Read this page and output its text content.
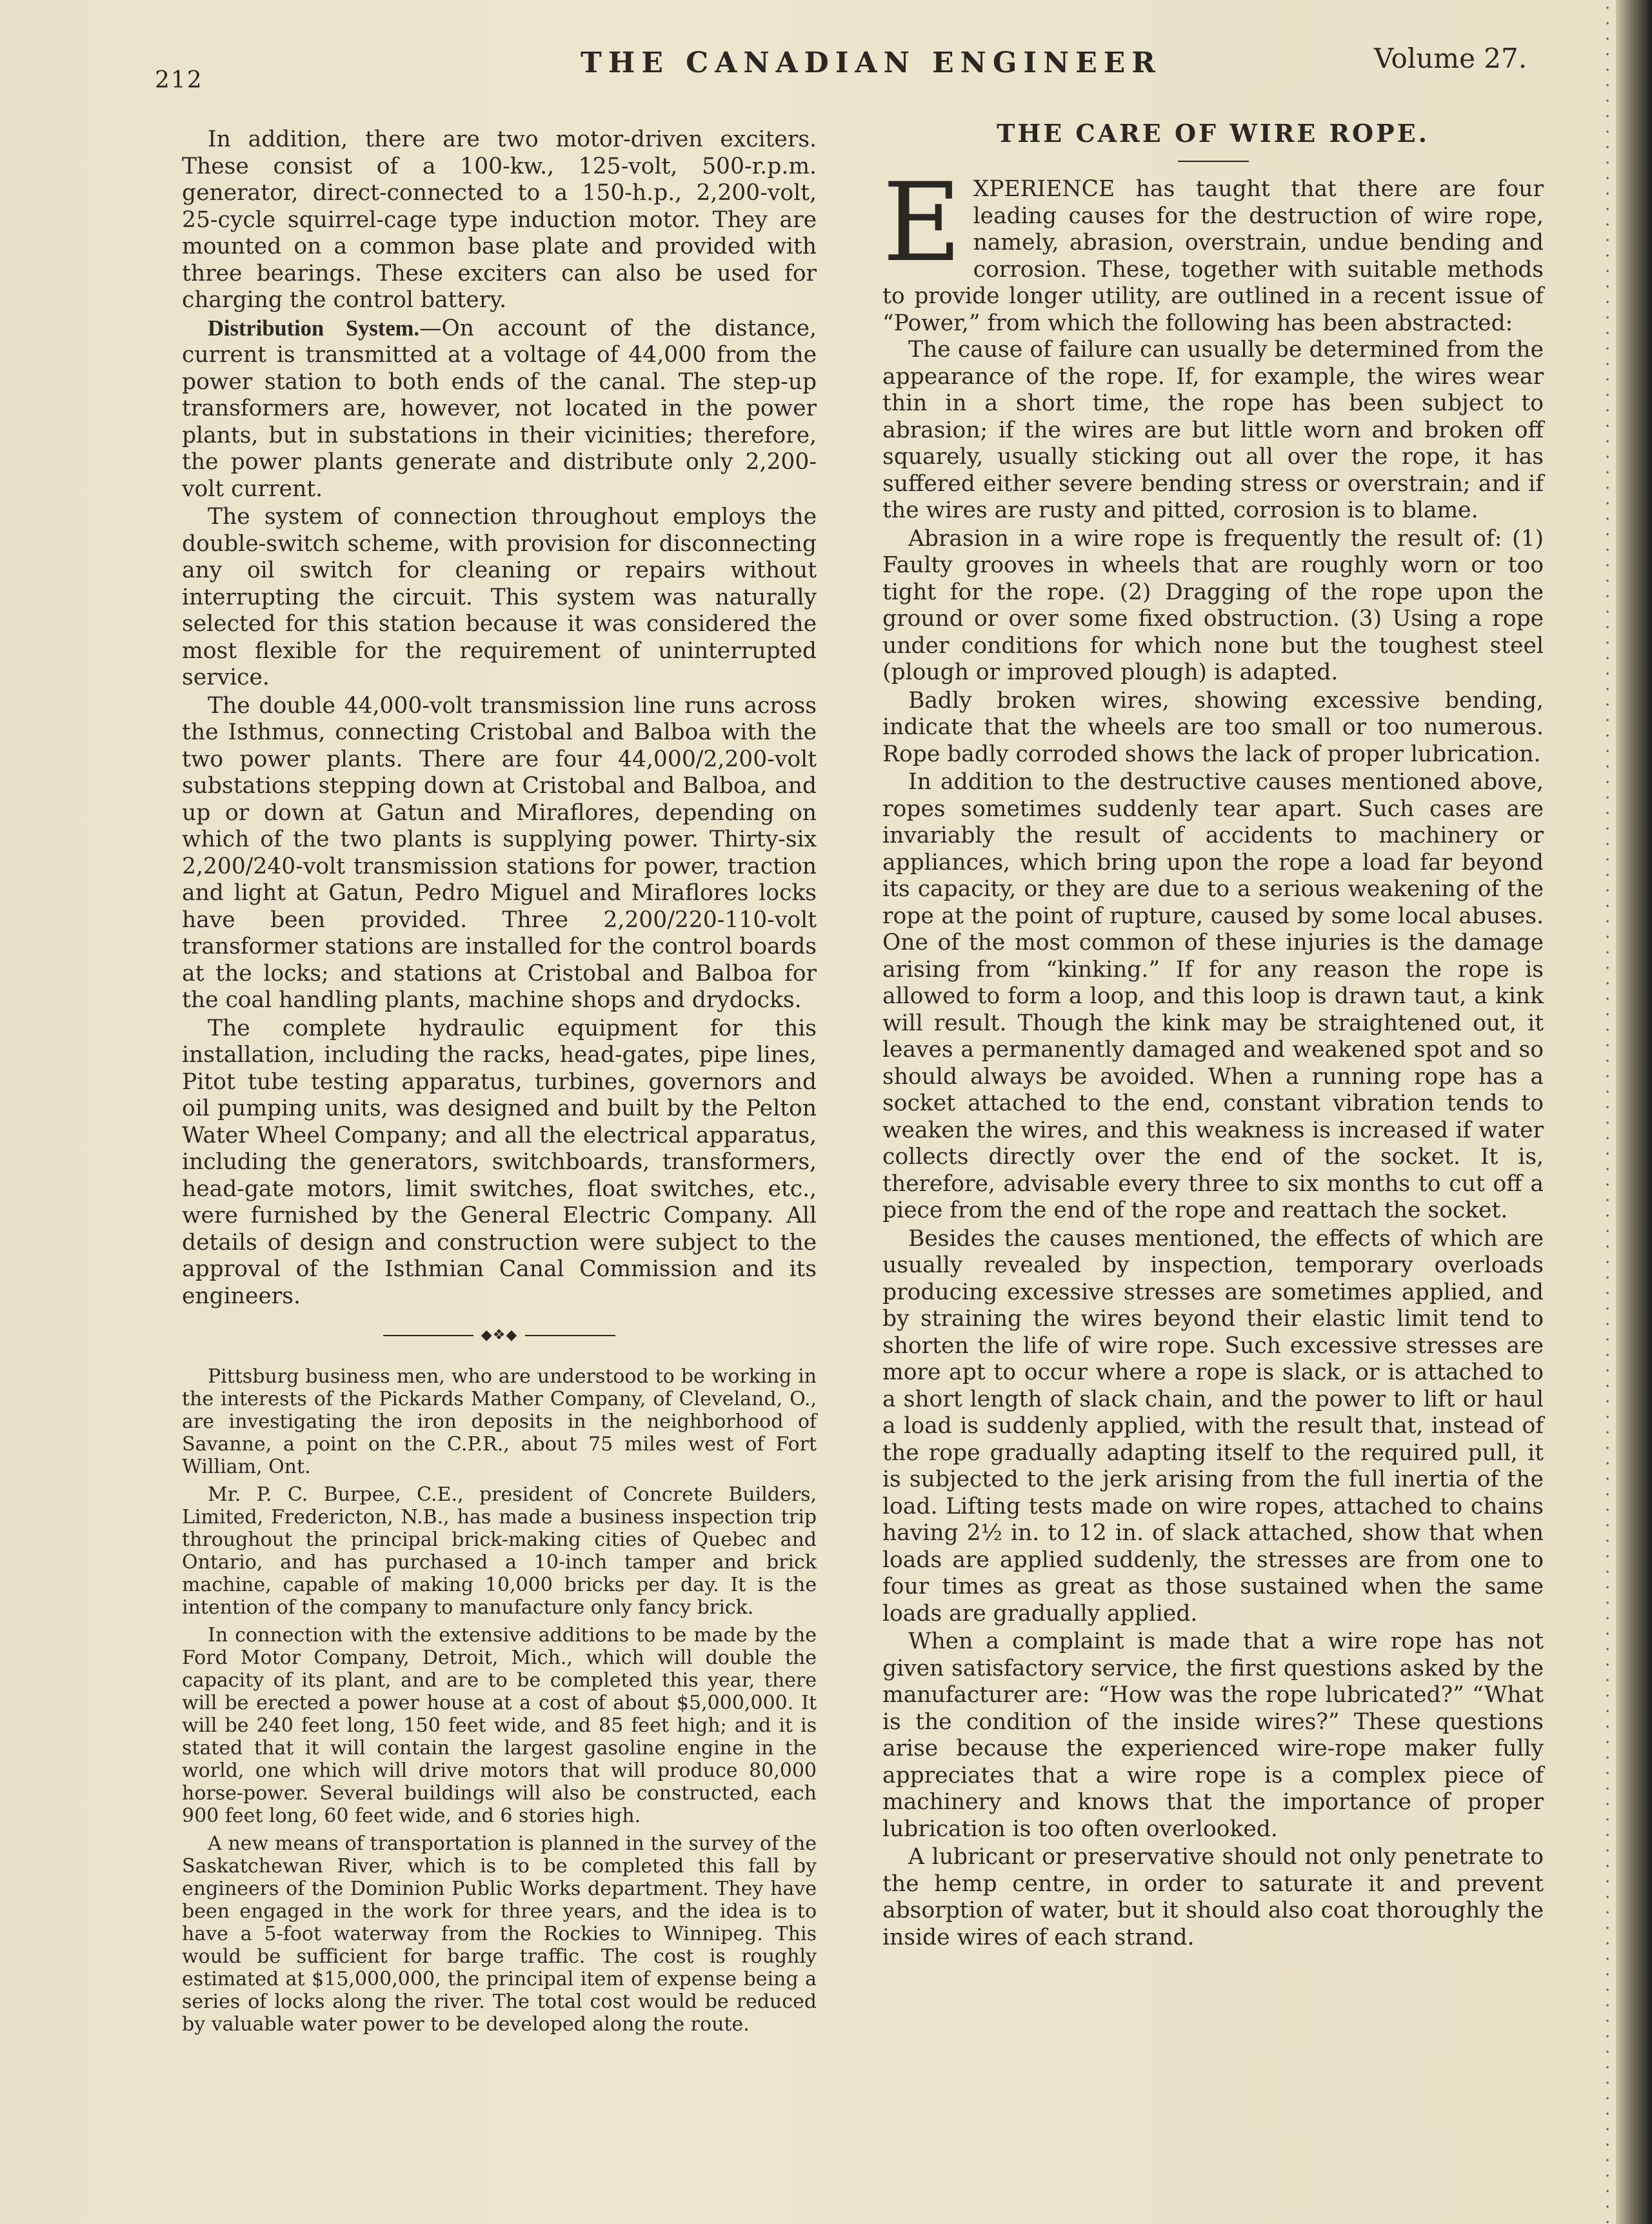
212
THE CANADIAN ENGINEER	Volume 27.

In addition, there are two motor-driven exciters. These consist of a 100-kw., 125-volt, 500-r.p.m. generator, direct-connected to a 150-h.p., 2,200-volt, 25-cycle squirrel-cage type induction motor. They are mounted on a common base plate and provided with three bearings. These exciters can also be used for charging the control battery.

Distribution System.—On account of the distance, current is transmitted at a voltage of 44,000 from the power station to both ends of the canal. The step-up transformers are, however, not located in the power plants, but in substations in their vicinities; therefore, the power plants generate and distribute only 2,200-volt current.

The system of connection throughout employs the double-switch scheme, with provision for disconnecting any oil switch for cleaning or repairs without interrupting the circuit. This system was naturally selected for this station because it was considered the most flexible for the requirement of uninterrupted service.

The double 44,000-volt transmission line runs across the Isthmus, connecting Cristobal and Balboa with the two power plants. There are four 44,000/2,200-volt substations stepping down at Cristobal and Balboa, and up or down at Gatun and Miraflores, depending on which of the two plants is supplying power. Thirty-six 2,200/240-volt transmission stations for power, traction and light at Gatun, Pedro Miguel and Miraflores locks have been provided. Three 2,200/220-110-volt transformer stations are installed for the control boards at the locks; and stations at Cristobal and Balboa for the coal handling plants, machine shops and drydocks.

The complete hydraulic equipment for this installation, including the racks, head-gates, pipe lines, Pitot tube testing apparatus, turbines, governors and oil pumping units, was designed and built by the Pelton Water Wheel Company; and all the electrical apparatus, including the generators, switchboards, transformers, head-gate motors, limit switches, float switches, etc., were furnished by the General Electric Company. All details of design and construction were subject to the approval of the Isthmian Canal Commission and its engineers.

◆❖◆

Pittsburg business men, who are understood to be working in the interests of the Pickards Mather Company, of Cleveland, O., are investigating the iron deposits in the neighborhood of Savanne, a point on the C.P.R., about 75 miles west of Fort William, Ont.

Mr. P. C. Burpee, C.E., president of Concrete Builders, Limited, Fredericton, N.B., has made a business inspection trip throughout the principal brick-making cities of Quebec and Ontario, and has purchased a 10-inch tamper and brick machine, capable of making 10,000 bricks per day. It is the intention of the company to manufacture only fancy brick.

In connection with the extensive additions to be made by the Ford Motor Company, Detroit, Mich., which will double the capacity of its plant, and are to be completed this year, there will be erected a power house at a cost of about $5,000,000. It will be 240 feet long, 150 feet wide, and 85 feet high; and it is stated that it will contain the largest gasoline engine in the world, one which will drive motors that will produce 80,000 horse-power. Several buildings will also be constructed, each 900 feet long, 60 feet wide, and 6 stories high.

A new means of transportation is planned in the survey of the Saskatchewan River, which is to be completed this fall by engineers of the Dominion Public Works department. They have been engaged in the work for three years, and the idea is to have a 5-foot waterway from the Rockies to Winnipeg. This would be sufficient for barge traffic. The cost is roughly estimated at $15,000,000, the principal item of expense being a series of locks along the river. The total cost would be reduced by valuable water power to be developed along the route.

THE CARE OF WIRE ROPE.

EXPERIENCE has taught that there are four leading causes for the destruction of wire rope, namely, abrasion, overstrain, undue bending and corrosion. These, together with suitable methods to provide longer utility, are outlined in a recent issue of “Power,” from which the following has been abstracted:

The cause of failure can usually be determined from the appearance of the rope. If, for example, the wires wear thin in a short time, the rope has been subject to abrasion; if the wires are but little worn and broken off squarely, usually sticking out all over the rope, it has suffered either severe bending stress or overstrain; and if the wires are rusty and pitted, corrosion is to blame.

Abrasion in a wire rope is frequently the result of: (1) Faulty grooves in wheels that are roughly worn or too tight for the rope. (2) Dragging of the rope upon the ground or over some fixed obstruction. (3) Using a rope under conditions for which none but the toughest steel (plough or improved plough) is adapted.

Badly broken wires, showing excessive bending, indicate that the wheels are too small or too numerous. Rope badly corroded shows the lack of proper lubrication.

In addition to the destructive causes mentioned above, ropes sometimes suddenly tear apart. Such cases are invariably the result of accidents to machinery or appliances, which bring upon the rope a load far beyond its capacity, or they are due to a serious weakening of the rope at the point of rupture, caused by some local abuses. One of the most common of these injuries is the damage arising from “kinking.” If for any reason the rope is allowed to form a loop, and this loop is drawn taut, a kink will result. Though the kink may be straightened out, it leaves a permanently damaged and weakened spot and so should always be avoided. When a running rope has a socket attached to the end, constant vibration tends to weaken the wires, and this weakness is increased if water collects directly over the end of the socket. It is, therefore, advisable every three to six months to cut off a piece from the end of the rope and reattach the socket.

Besides the causes mentioned, the effects of which are usually revealed by inspection, temporary overloads producing excessive stresses are sometimes applied, and by straining the wires beyond their elastic limit tend to shorten the life of wire rope. Such excessive stresses are more apt to occur where a rope is slack, or is attached to a short length of slack chain, and the power to lift or haul a load is suddenly applied, with the result that, instead of the rope gradually adapting itself to the required pull, it is subjected to the jerk arising from the full inertia of the load. Lifting tests made on wire ropes, attached to chains having 2½ in. to 12 in. of slack attached, show that when loads are applied suddenly, the stresses are from one to four times as great as those sustained when the same loads are gradually applied.

When a complaint is made that a wire rope has not given satisfactory service, the first questions asked by the manufacturer are: “How was the rope lubricated?” “What is the condition of the inside wires?” These questions arise because the experienced wire-rope maker fully appreciates that a wire rope is a complex piece of machinery and knows that the importance of proper lubrication is too often overlooked.

A lubricant or preservative should not only penetrate to the hemp centre, in order to saturate it and prevent absorption of water, but it should also coat thoroughly the inside wires of each strand.
